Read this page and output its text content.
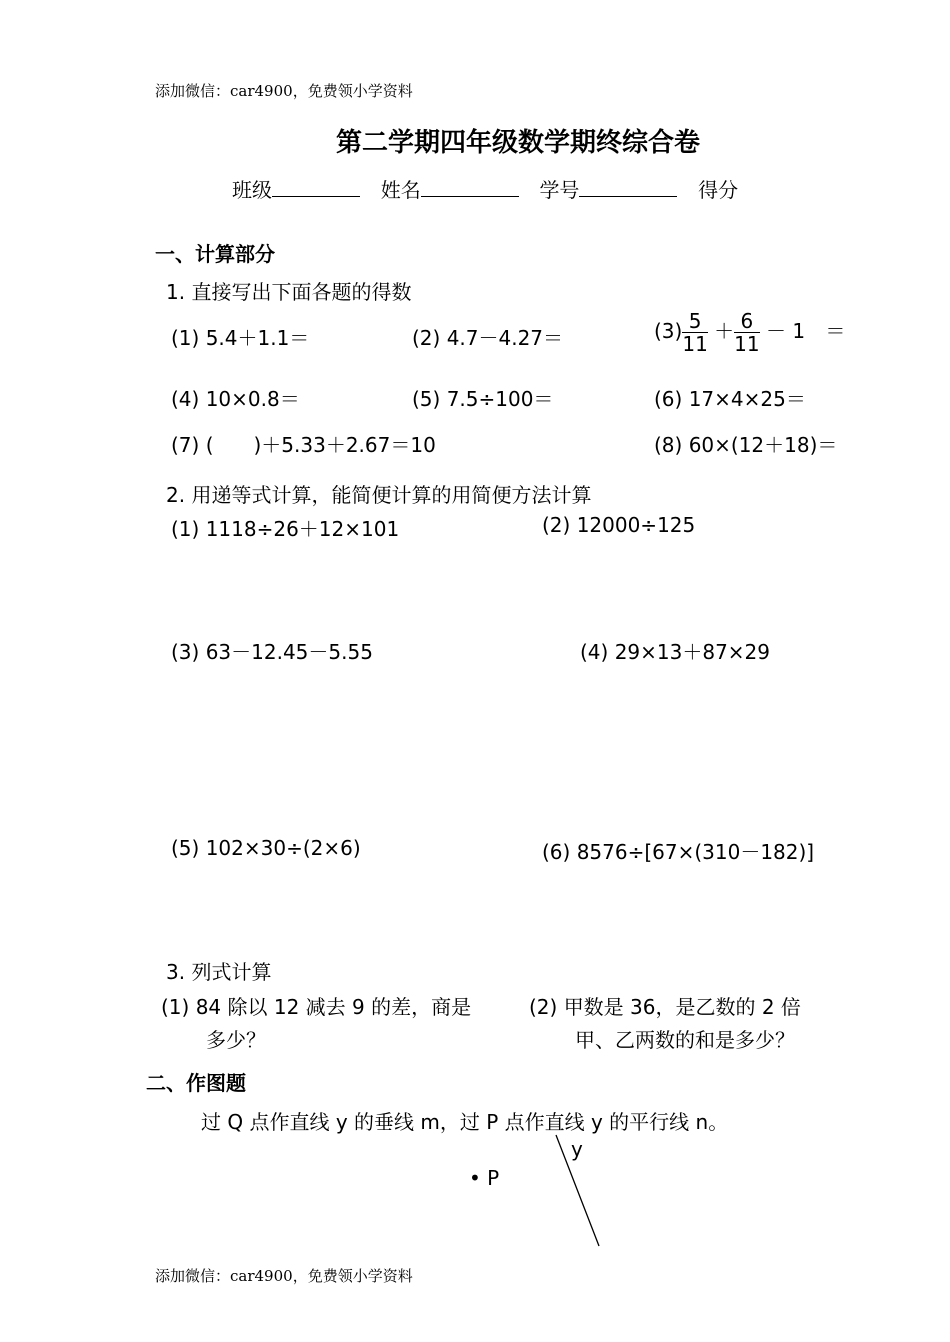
添加微信：car4900，免费领小学资料
第二学期四年级数学期终综合卷
班级	姓名	学号	得分
一、计算部分
1. 直接写出下面各题的得数
(1) 5.4＋1.1＝	(2) 4.7－4.27＝	$(3) \frac{5}{11} + \frac{6}{11} - 1$ ＝
(4) 10×0.8＝	(5) 7.5÷100＝	(6) 17×4×25＝
(7) (　　)＋5.33＋2.67＝10	(8) 60×(12＋18)＝
2. 用递等式计算，能简便计算的用简便方法计算
(1) 1118÷26＋12×101	(2) 12000÷125
(3) 63－12.45－5.55	(4) 29×13＋87×29
(5) 102×30÷(2×6)	(6) 8576÷[67×(310－182)]
3. 列式计算
(1) 84 除以 12 减去 9 的差，商是
多少？
(2) 甲数是 36，是乙数的 2 倍
甲、乙两数的和是多少？
二、作图题
过 Q 点作直线 y 的垂线 m，过 P 点作直线 y 的平行线 n。
• P
y
添加微信：car4900，免费领小学资料
